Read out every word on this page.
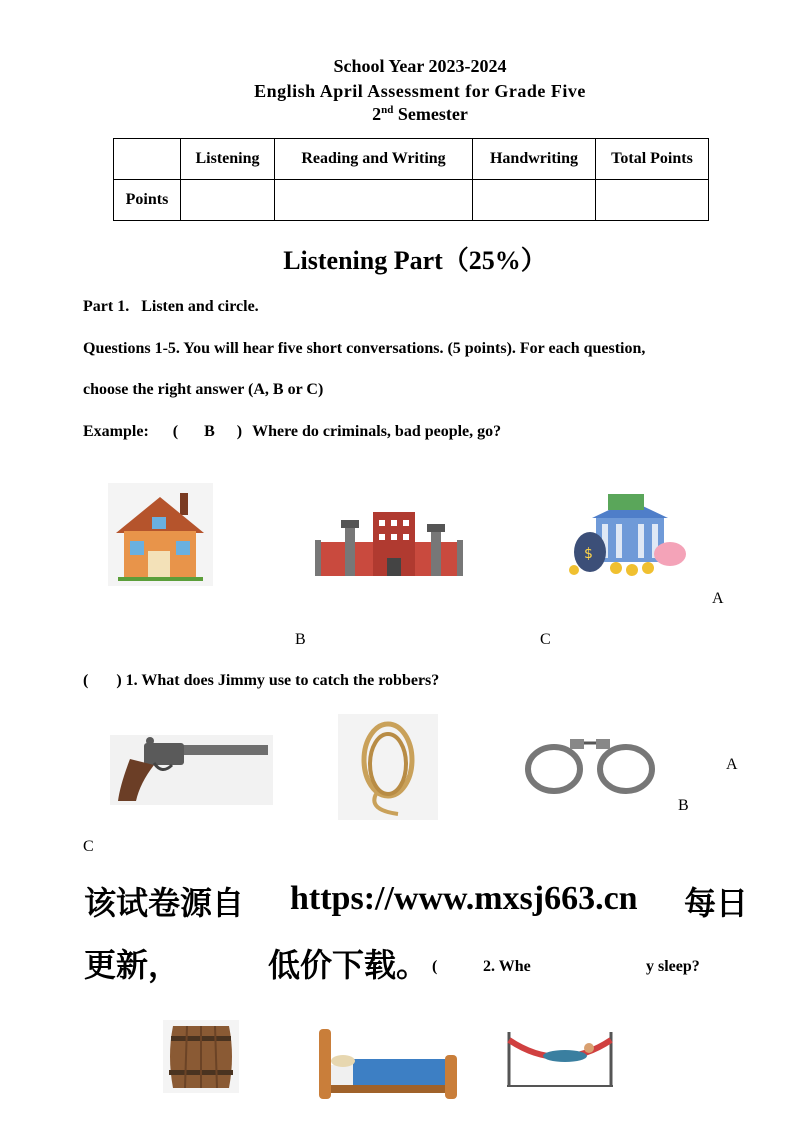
School Year 2023-2024
English April Assessment for Grade Five
2nd Semester
	Listening	Reading and Writing	Handwriting	Total Points
Points				
Listening Part（25%）
Part 1.   Listen and circle.
Questions 1-5. You will hear five short conversations. (5 points). For each question,
choose the right answer (A, B or C)
Example: ( B ) Where do criminals, bad people, go?
$
A
B	C
(       ) 1. What does Jimmy use to catch the robbers?
A
B
C
该试卷源自 https://www.mxsj663.cn 每日
更新，	低价下载。 (	2. Whe	y sleep?
